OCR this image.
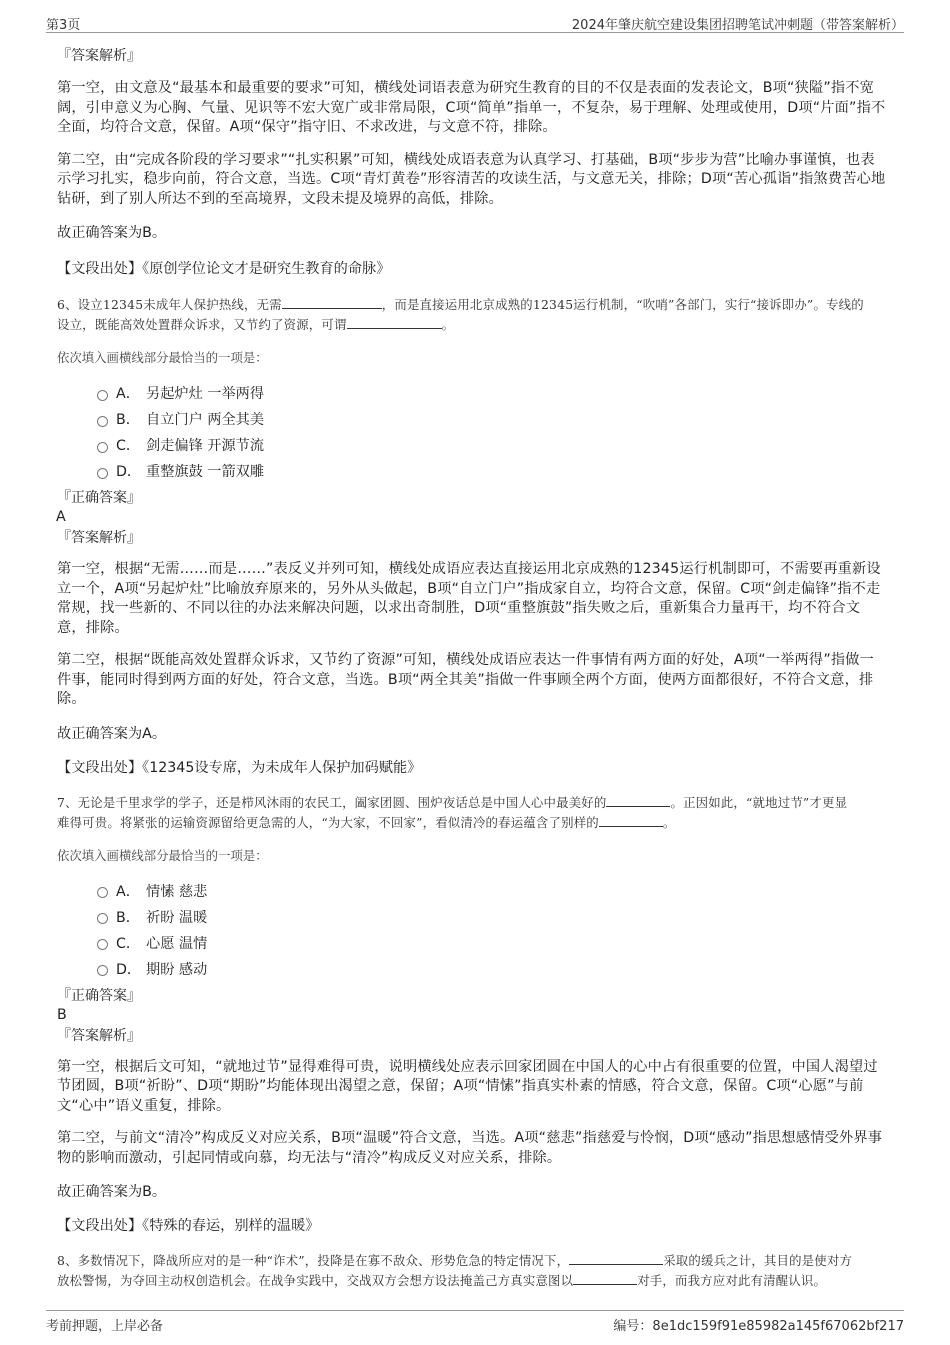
第3页	2024年肇庆航空建设集团招聘笔试冲刺题（带答案解析）
『答案解析』

第一空，由文意及“最基本和最重要的要求”可知，横线处词语表意为研究生教育的目的不仅是表面的发表论文，B项“狭隘”指不宽阔，引申意义为心胸、气量、见识等不宏大宽广或非常局限，C项“简单”指单一，不复杂，易于理解、处理或使用，D项“片面”指不全面，均符合文意，保留。A项“保守”指守旧、不求改进，与文意不符，排除。

第二空，由“完成各阶段的学习要求”“扎实积累”可知，横线处成语表意为认真学习、打基础，B项“步步为营”比喻办事谨慎，也表示学习扎实，稳步向前，符合文意，当选。C项“青灯黄卷”形容清苦的攻读生活，与文意无关，排除；D项“苦心孤诣”指煞费苦心地钻研，到了别人所达不到的至高境界，文段未提及境界的高低，排除。

故正确答案为B。
【文段出处】《原创学位论文才是研究生教育的命脉》
6、设立12345未成年人保护热线，无需	，而是直接运用北京成熟的12345运行机制，“吹哨”各部门，实行“接诉即办”。专线的
设立，既能高效处置群众诉求，又节约了资源，可谓	。
依次填入画横线部分最恰当的一项是：
A． 另起炉灶 一举两得
B． 自立门户 两全其美
C． 剑走偏锋 开源节流
D． 重整旗鼓 一箭双雕
『正确答案』
A
『答案解析』

第一空，根据“无需……而是……”表反义并列可知，横线处成语应表达直接运用北京成熟的12345运行机制即可，不需要再重新设立一个，A项“另起炉灶”比喻放弃原来的，另外从头做起，B项“自立门户”指成家自立，均符合文意，保留。C项“剑走偏锋”指不走常规，找一些新的、不同以往的办法来解决问题，以求出奇制胜，D项“重整旗鼓”指失败之后，重新集合力量再干，均不符合文意，排除。

第二空，根据“既能高效处置群众诉求，又节约了资源”可知，横线处成语应表达一件事情有两方面的好处，A项“一举两得”指做一件事，能同时得到两方面的好处，符合文意，当选。B项“两全其美”指做一件事顾全两个方面，使两方面都很好，不符合文意，排除。

故正确答案为A。
【文段出处】《12345设专席，为未成年人保护加码赋能》
7、无论是千里求学的学子，还是栉风沐雨的农民工，阖家团圆、围炉夜话总是中国人心中最美好的	。正因如此，“就地过节”才更显
难得可贵。将紧张的运输资源留给更急需的人，“为大家，不回家”，看似清冷的春运蕴含了别样的	。
依次填入画横线部分最恰当的一项是：
A． 情愫 慈悲
B． 祈盼 温暖
C． 心愿 温情
D． 期盼 感动
『正确答案』
B
『答案解析』

第一空，根据后文可知，“就地过节”显得难得可贵，说明横线处应表示回家团圆在中国人的心中占有很重要的位置，中国人渴望过节团圆，B项“祈盼”、D项“期盼”均能体现出渴望之意，保留；A项“情愫”指真实朴素的情感，符合文意，保留。C项“心愿”与前文“心中”语义重复，排除。

第二空，与前文“清冷”构成反义对应关系，B项“温暖”符合文意，当选。A项“慈悲”指慈爱与怜悯，D项“感动”指思想感情受外界事物的影响而激动，引起同情或向慕，均无法与“清冷”构成反义对应关系，排除。

故正确答案为B。
【文段出处】《特殊的春运，别样的温暖》
8、多数情况下，降战所应对的是一种“诈术”，投降是在寡不敌众、形势危急的特定情况下，	采取的缓兵之计，其目的是使对方
放松警惕，为夺回主动权创造机会。在战争实践中，交战双方会想方设法掩盖己方真实意图以	对手，而我方应对此有清醒认识。
考前押题，上岸必备	编号：8e1dc159f91e85982a145f67062bf217
